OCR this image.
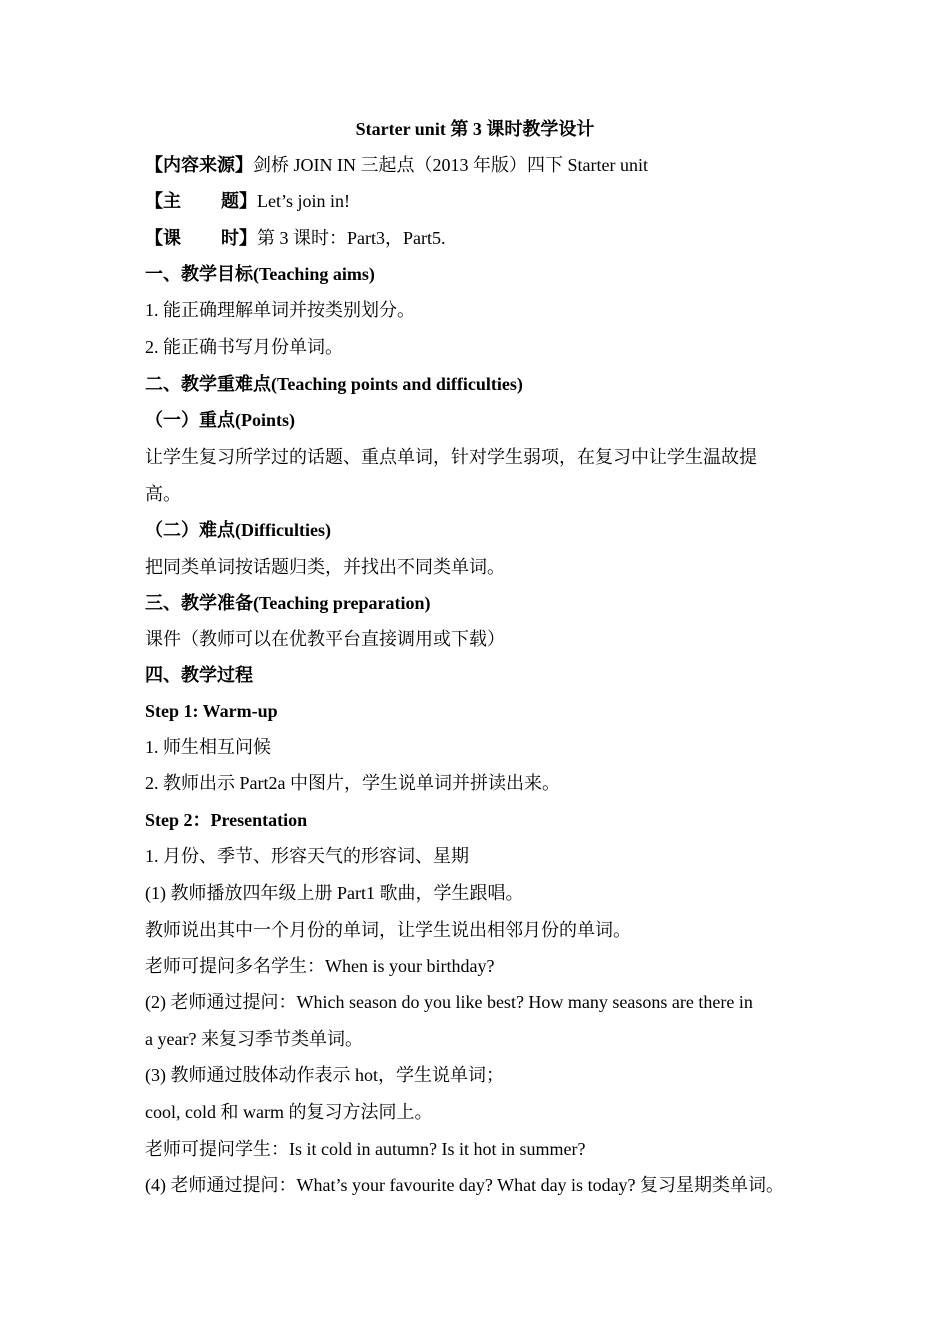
Starter unit 第 3 课时教学设计
【内容来源】剑桥 JOIN IN 三起点（2013 年版）四下 Starter unit
【主 题】Let’s join in!
【课 时】第 3 课时：Part3，Part5.
一、教学目标(Teaching aims)
1. 能正确理解单词并按类别划分。
2. 能正确书写月份单词。
二、教学重难点(Teaching points and difficulties)
（一）重点(Points)
让学生复习所学过的话题、重点单词，针对学生弱项，在复习中让学生温故提
高。
（二）难点(Difficulties)
把同类单词按话题归类，并找出不同类单词。
三、教学准备(Teaching preparation)
课件（教师可以在优教平台直接调用或下载）
四、教学过程
Step 1: Warm-up
1. 师生相互问候
2. 教师出示 Part2a 中图片，学生说单词并拼读出来。
Step 2：Presentation
1. 月份、季节、形容天气的形容词、星期
(1) 教师播放四年级上册 Part1 歌曲，学生跟唱。
教师说出其中一个月份的单词，让学生说出相邻月份的单词。
老师可提问多名学生：When is your birthday?
(2) 老师通过提问：Which season do you like best? How many seasons are there in
a year? 来复习季节类单词。
(3) 教师通过肢体动作表示 hot，学生说单词；
cool, cold 和 warm 的复习方法同上。
老师可提问学生：Is it cold in autumn? Is it hot in summer?
(4) 老师通过提问：What’s your favourite day? What day is today? 复习星期类单词。
